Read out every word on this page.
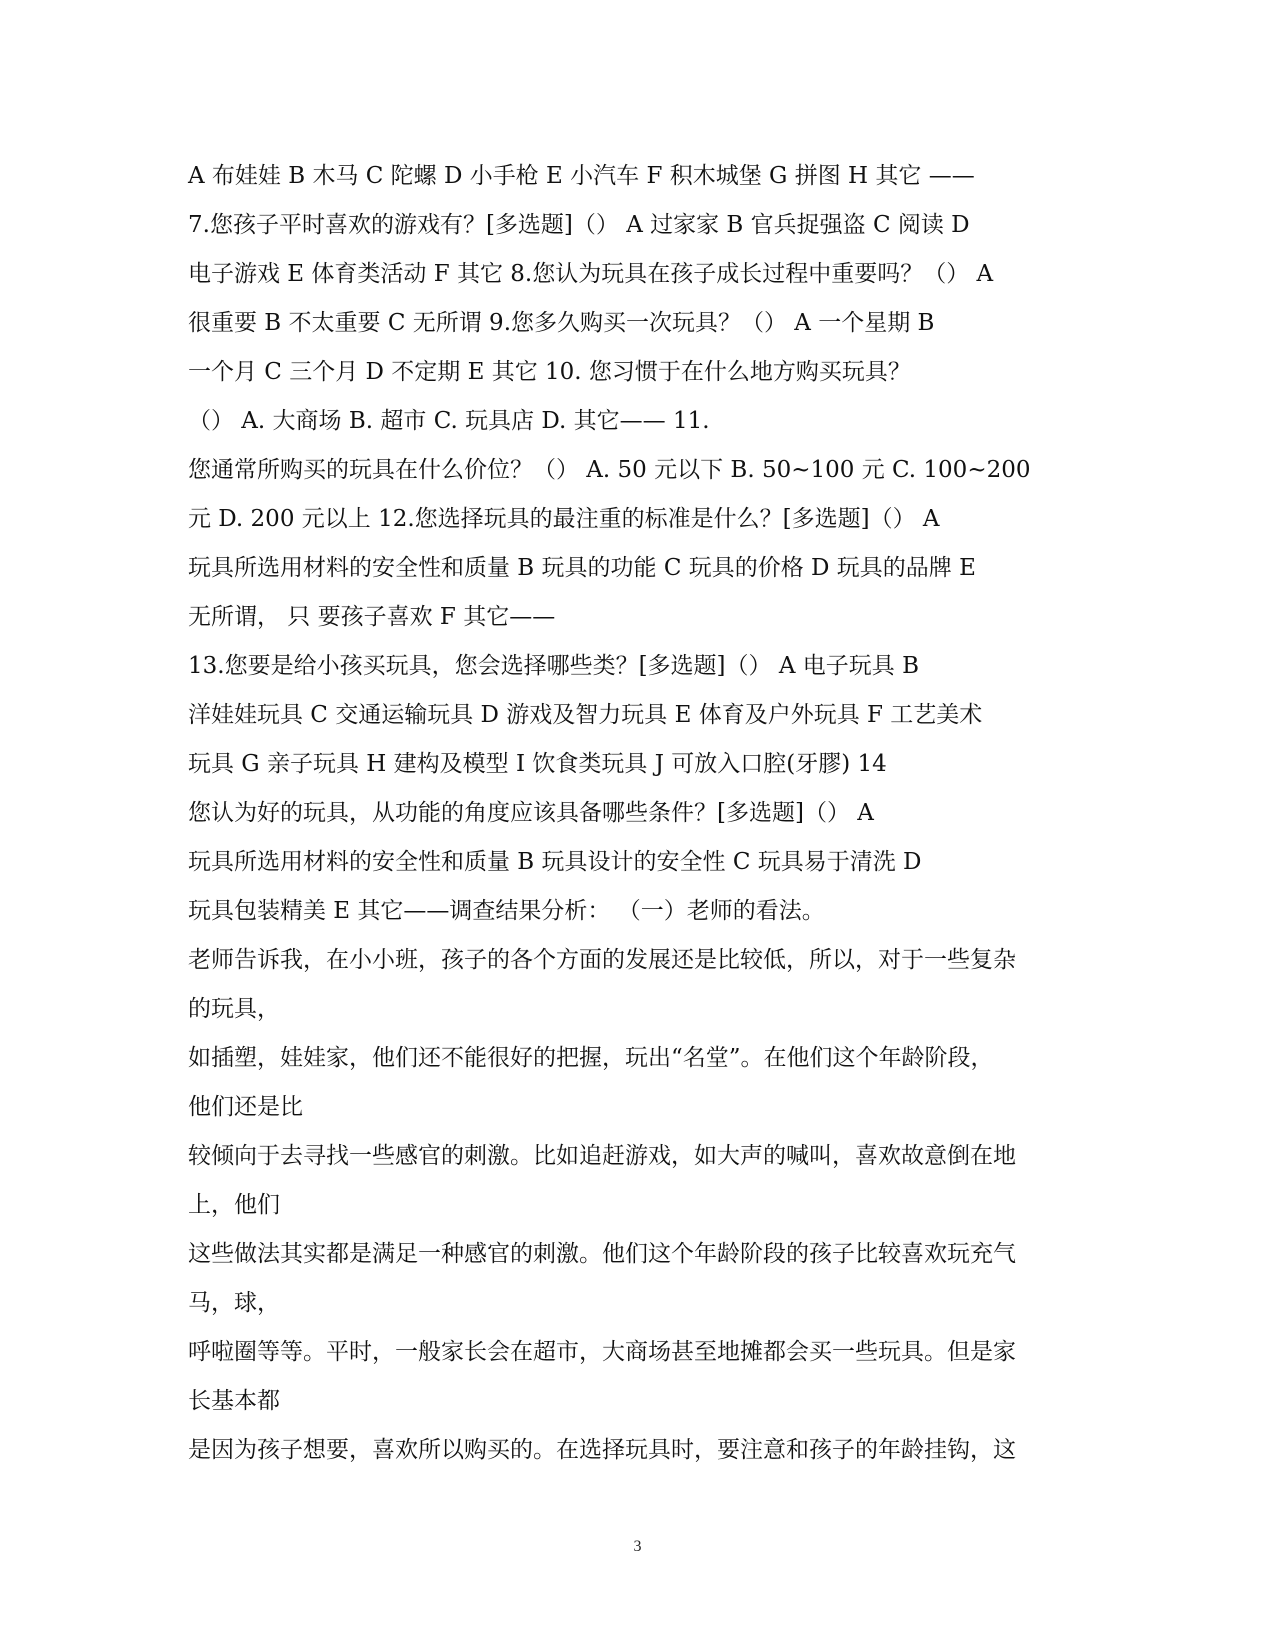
A 布娃娃 B 木马 C 陀螺 D 小手枪 E 小汽车 F 积木城堡 G 拼图 H 其它 ——
7.您孩子平时喜欢的游戏有？[多选题]（） A 过家家 B 官兵捉强盗 C 阅读 D
电子游戏 E 体育类活动 F 其它 8.您认为玩具在孩子成长过程中重要吗？（） A
很重要 B 不太重要 C 无所谓 9.您多久购买一次玩具？（） A 一个星期 B
一个月 C 三个月 D 不定期 E 其它 10. 您习惯于在什么地方购买玩具？
（） A. 大商场 B. 超市 C. 玩具店 D. 其它—— 11.
您通常所购买的玩具在什么价位？（） A. 50 元以下 B. 50~100 元 C. 100~200
元 D. 200 元以上 12.您选择玩具的最注重的标准是什么？[多选题]（） A
玩具所选用材料的安全性和质量 B 玩具的功能 C 玩具的价格 D 玩具的品牌 E
无所谓， 只 要孩子喜欢 F 其它——
13.您要是给小孩买玩具，您会选择哪些类？[多选题]（） A 电子玩具 B
洋娃娃玩具 C 交通运输玩具 D 游戏及智力玩具 E 体育及户外玩具 F 工艺美术
玩具 G 亲子玩具 H 建构及模型 I 饮食类玩具 J 可放入口腔(牙膠) 14
您认为好的玩具，从功能的角度应该具备哪些条件？[多选题]（） A
玩具所选用材料的安全性和质量 B 玩具设计的安全性 C 玩具易于清洗 D
玩具包装精美 E 其它——调查结果分析： （一）老师的看法。
老师告诉我，在小小班，孩子的各个方面的发展还是比较低，所以，对于一些复杂
的玩具，
如插塑，娃娃家，他们还不能很好的把握，玩出“名堂”。在他们这个年龄阶段，
他们还是比
较倾向于去寻找一些感官的刺激。比如追赶游戏，如大声的喊叫，喜欢故意倒在地
上，他们
这些做法其实都是满足一种感官的刺激。他们这个年龄阶段的孩子比较喜欢玩充气
马，球，
呼啦圈等等。平时，一般家长会在超市，大商场甚至地摊都会买一些玩具。但是家
长基本都
是因为孩子想要，喜欢所以购买的。在选择玩具时，要注意和孩子的年龄挂钩，这
3
